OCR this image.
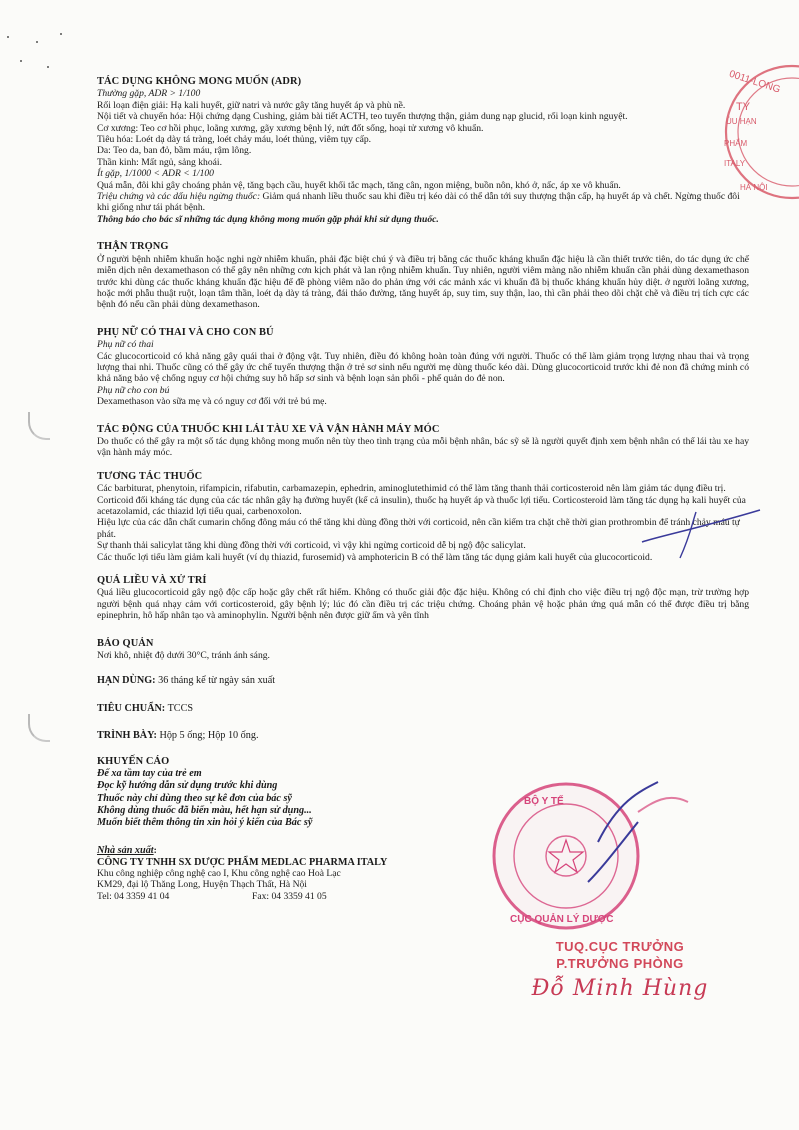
TÁC DỤNG KHÔNG MONG MUỐN (ADR)

Thường gặp, ADR > 1/100

Rối loạn điện giải: Hạ kali huyết, giữ natri và nước gây tăng huyết áp và phù nề.

Nội tiết và chuyển hóa: Hội chứng dạng Cushing, giảm bài tiết ACTH, teo tuyến thượng thận, giảm dung nạp glucid, rối loạn kinh nguyệt.

Cơ xương: Teo cơ hồi phục, loãng xương, gãy xương bệnh lý, nứt đốt sống, hoại tử xương vô khuẩn.

Tiêu hóa: Loét dạ dày tá tràng, loét chảy máu, loét thủng, viêm tụy cấp.

Da: Teo da, ban đỏ, bầm máu, rậm lông.

Thần kinh: Mất ngủ, sảng khoái.

Ít gặp, 1/1000 < ADR < 1/100

Quá mẫn, đôi khi gây choáng phản vệ, tăng bạch cầu, huyết khối tắc mạch, tăng cân, ngon miệng, buồn nôn, khó ở, nấc, áp xe vô khuẩn.

Triệu chứng và các dấu hiệu ngừng thuốc: Giảm quá nhanh liều thuốc sau khi điều trị kéo dài có thể dẫn tới suy thượng thận cấp, hạ huyết áp và chết. Ngừng thuốc đôi khi giống như tái phát bệnh.

Thông báo cho bác sĩ những tác dụng không mong muốn gặp phải khi sử dụng thuốc.

THẬN TRỌNG

Ở người bệnh nhiễm khuẩn hoặc nghi ngờ nhiễm khuẩn, phải đặc biệt chú ý và điều trị bằng các thuốc kháng khuẩn đặc hiệu là cần thiết trước tiên, do tác dụng ức chế miễn dịch nên dexamethason có thể gây nên những cơn kịch phát và lan rộng nhiễm khuẩn. Tuy nhiên, người viêm màng não nhiễm khuẩn cần phải dùng dexamethason trước khi dùng các thuốc kháng khuẩn đặc hiệu để đề phòng viêm não do phản ứng với các mảnh xác vi khuẩn đã bị thuốc kháng khuẩn hủy diệt. ở người loãng xương, hoặc mới phẫu thuật ruột, loạn tâm thần, loét dạ dày tá tràng, đái tháo đường, tăng huyết áp, suy tim, suy thận, lao, thì cần phải theo dõi chặt chẽ và điều trị tích cực các bệnh đó nếu cần phải dùng dexamethason.

PHỤ NỮ CÓ THAI VÀ CHO CON BÚ

Phụ nữ có thai

Các glucocorticoid có khả năng gây quái thai ở động vật. Tuy nhiên, điều đó không hoàn toàn đúng với người. Thuốc có thể làm giảm trọng lượng nhau thai và trọng lượng thai nhi. Thuốc cũng có thể gây ức chế tuyến thượng thận ở trẻ sơ sinh nếu người mẹ dùng thuốc kéo dài. Dùng glucocorticoid trước khi đẻ non đã chứng minh có khả năng bảo vệ chống nguy cơ hội chứng suy hô hấp sơ sinh và bệnh loạn sản phổi - phế quản do đẻ non.

Phụ nữ cho con bú

Dexamethason vào sữa mẹ và có nguy cơ đối với trẻ bú mẹ.

TÁC ĐỘNG CỦA THUỐC KHI LÁI TÀU XE VÀ VẬN HÀNH MÁY MÓC

Do thuốc có thể gây ra một số tác dụng không mong muốn nên tùy theo tình trạng của mỗi bệnh nhân, bác sỹ sẽ là người quyết định xem bệnh nhân có thể lái tàu xe hay vận hành máy móc.

TƯƠNG TÁC THUỐC

Các barbiturat, phenytoin, rifampicin, rifabutin, carbamazepin, ephedrin, aminoglutethimid có thể làm tăng thanh thải corticosteroid nên làm giảm tác dụng điều trị.

Corticoid đối kháng tác dụng của các tác nhân gây hạ đường huyết (kể cả insulin), thuốc hạ huyết áp và thuốc lợi tiểu. Corticosteroid làm tăng tác dụng hạ kali huyết của acetazolamid, các thiazid lợi tiểu quai, carbenoxolon.

Hiệu lực của các dẫn chất cumarin chống đông máu có thể tăng khi dùng đồng thời với corticoid, nên cần kiểm tra chặt chẽ thời gian prothrombin để tránh chảy máu tự phát.

Sự thanh thải salicylat tăng khi dùng đồng thời với corticoid, vì vậy khi ngừng corticoid dễ bị ngộ độc salicylat.

Các thuốc lợi tiểu làm giảm kali huyết (ví dụ thiazid, furosemid) và amphotericin B có thể làm tăng tác dụng giảm kali huyết của glucocorticoid.

QUÁ LIỀU VÀ XỬ TRÍ

Quá liều glucocorticoid gây ngộ độc cấp hoặc gây chết rất hiếm. Không có thuốc giải độc đặc hiệu. Không có chỉ định cho việc điều trị ngộ độc mạn, trừ trường hợp người bệnh quá nhạy cảm với corticosteroid, gây bệnh lý; lúc đó cần điều trị các triệu chứng. Choáng phản vệ hoặc phản ứng quá mẫn có thể được điều trị bằng epinephrin, hô hấp nhân tạo và aminophylin. Người bệnh nên được giữ ấm và yên tĩnh

BẢO QUẢN

Nơi khô, nhiệt độ dưới 30°C, tránh ánh sáng.

HẠN DÙNG: 36 tháng kể từ ngày sản xuất

TIÊU CHUẨN: TCCS

TRÌNH BÀY: Hộp 5 ống; Hộp 10 ống.

KHUYẾN CÁO

Để xa tầm tay của trẻ em

Đọc kỹ hướng dẫn sử dụng trước khi dùng

Thuốc này chỉ dùng theo sự kê đơn của bác sỹ

Không dùng thuốc đã biến màu, hết hạn sử dụng...

Muốn biết thêm thông tin xin hỏi ý kiến của Bác sỹ

Nhà sản xuất:

CÔNG TY TNHH SX DƯỢC PHẨM MEDLAC PHARMA ITALY

Khu công nghiệp công nghệ cao I, Khu công nghệ cao Hoà Lạc

KM29, đại lộ Thăng Long, Huyện Thạch Thất, Hà Nội

Tel: 04 3359 41 04	Fax: 04 3359 41 05

0011-LONG
TY
ÚU HẠN
PHẨM
ITALY
HÀ NỘI
BỘ Y TẾ
CỤC QUẢN LÝ DƯỢC
TUQ.CỤC TRƯỞNG
P.TRƯỞNG PHÒNG
Đỗ Minh Hùng
